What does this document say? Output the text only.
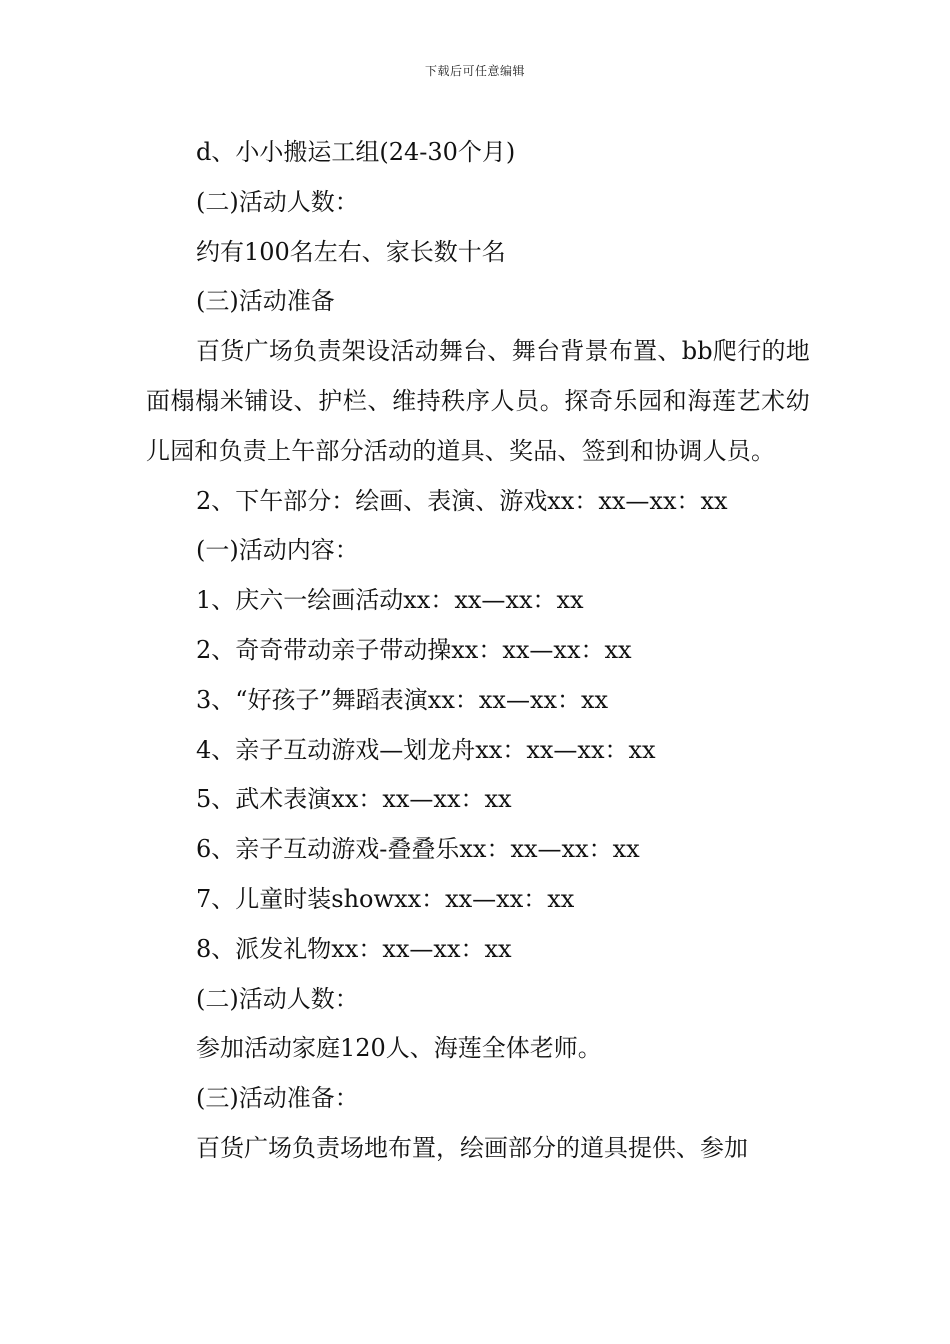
下载后可任意编辑

d、小小搬运工组(24-30个月)

(二)活动人数：

约有100名左右、家长数十名

(三)活动准备

百货广场负责架设活动舞台、舞台背景布置、bb爬行的地面榻榻米铺设、护栏、维持秩序人员。探奇乐园和海莲艺术幼儿园和负责上午部分活动的道具、奖品、签到和协调人员。

2、下午部分：绘画、表演、游戏xx：xx—xx：xx

(一)活动内容：

1、庆六一绘画活动xx：xx—xx：xx

2、奇奇带动亲子带动操xx：xx—xx：xx

3、“好孩子”舞蹈表演xx：xx—xx：xx

4、亲子互动游戏—划龙舟xx：xx—xx：xx

5、武术表演xx：xx—xx：xx

6、亲子互动游戏-叠叠乐xx：xx—xx：xx

7、儿童时装showxx：xx—xx：xx

8、派发礼物xx：xx—xx：xx

(二)活动人数：

参加活动家庭120人、海莲全体老师。

(三)活动准备：

百货广场负责场地布置，绘画部分的道具提供、参加
